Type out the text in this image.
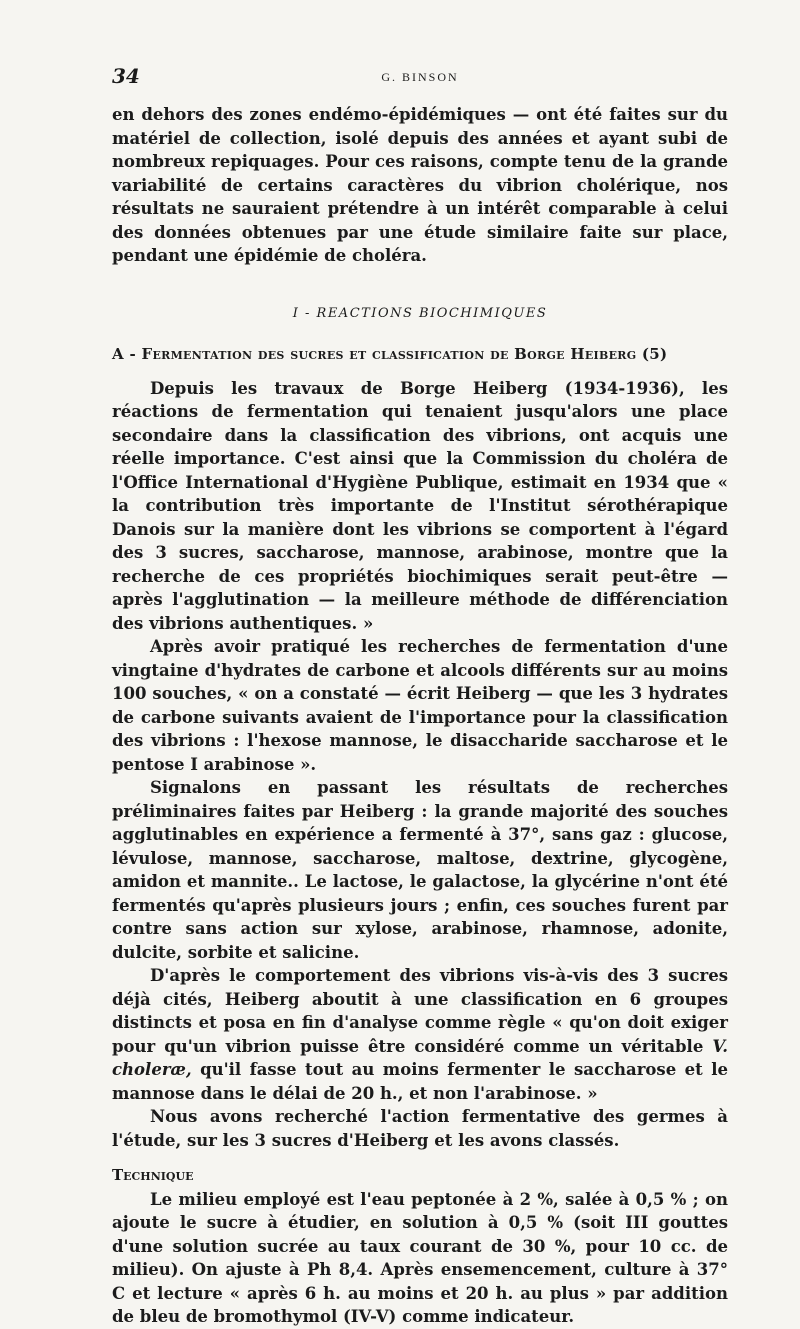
34	G. BINSON

en dehors des zones endémo-épidémiques — ont été faites sur du matériel de collection, isolé depuis des années et ayant subi de nombreux repiquages. Pour ces raisons, compte tenu de la grande variabilité de certains caractères du vibrion cholérique, nos résultats ne sauraient prétendre à un intérêt comparable à celui des données obtenues par une étude similaire faite sur place, pendant une épidémie de choléra.

I - REACTIONS BIOCHIMIQUES
A - Fermentation des sucres et classification de Borge Heiberg (5)

Depuis les travaux de Borge Heiberg (1934-1936), les réactions de fermentation qui tenaient jusqu'alors une place secondaire dans la classification des vibrions, ont acquis une réelle importance. C'est ainsi que la Commission du choléra de l'Office International d'Hygiène Publique, estimait en 1934 que « la contribution très importante de l'Institut sérothérapique Danois sur la manière dont les vibrions se comportent à l'égard des 3 sucres, saccharose, mannose, arabinose, montre que la recherche de ces propriétés biochimiques serait peut-être — après l'agglutination — la meilleure méthode de différenciation des vibrions authentiques. »

Après avoir pratiqué les recherches de fermentation d'une vingtaine d'hydrates de carbone et alcools différents sur au moins 100 souches, « on a constaté — écrit Heiberg — que les 3 hydrates de carbone suivants avaient de l'importance pour la classification des vibrions : l'hexose mannose, le disaccharide saccharose et le pentose I arabinose ».

Signalons en passant les résultats de recherches préliminaires faites par Heiberg : la grande majorité des souches agglutinables en expérience a fermenté à 37°, sans gaz : glucose, lévulose, mannose, saccharose, maltose, dextrine, glycogène, amidon et mannite.. Le lactose, le galactose, la glycérine n'ont été fermentés qu'après plusieurs jours ; enfin, ces souches furent par contre sans action sur xylose, arabinose, rhamnose, adonite, dulcite, sorbite et salicine.

D'après le comportement des vibrions vis-à-vis des 3 sucres déjà cités, Heiberg aboutit à une classification en 6 groupes distincts et posa en fin d'analyse comme règle « qu'on doit exiger pour qu'un vibrion puisse être considéré comme un véritable V. choleræ, qu'il fasse tout au moins fermenter le saccharose et le mannose dans le délai de 20 h., et non l'arabinose. »

Nous avons recherché l'action fermentative des germes à l'étude, sur les 3 sucres d'Heiberg et les avons classés.

Technique

Le milieu employé est l'eau peptonée à 2 %, salée à 0,5 % ; on ajoute le sucre à étudier, en solution à 0,5 % (soit III gouttes d'une solution sucrée au taux courant de 30 %, pour 10 cc. de milieu). On ajuste à Ph 8,4. Après ensemencement, culture à 37° C et lecture « après 6 h. au moins et 20 h. au plus » par addition de bleu de bromothymol (IV-V) comme indicateur.
